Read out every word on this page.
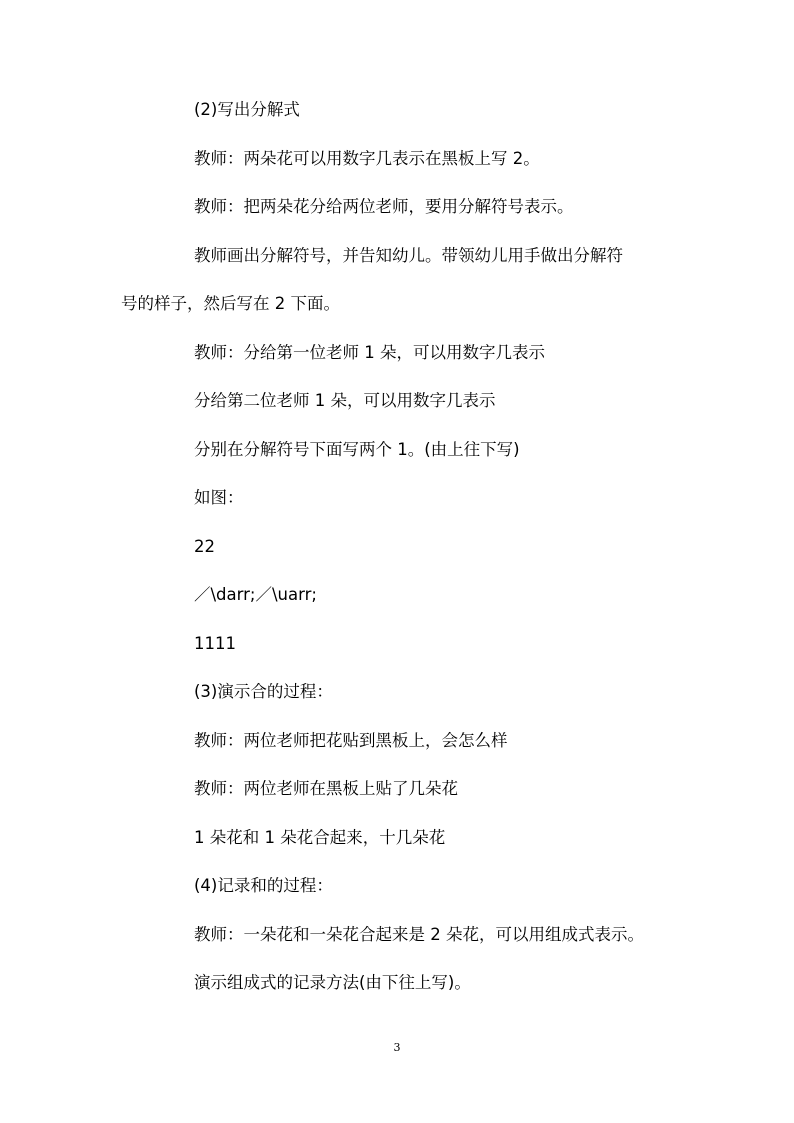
(2)写出分解式
教师：两朵花可以用数字几表示在黑板上写 2。
教师：把两朵花分给两位老师，要用分解符号表示。
教师画出分解符号，并告知幼儿。带领幼儿用手做出分解符
号的样子，然后写在 2 下面。
教师：分给第一位老师 1 朵，可以用数字几表示
分给第二位老师 1 朵，可以用数字几表示
分别在分解符号下面写两个 1。(由上往下写)
如图：
22
／\darr;／\uarr;
1111
(3)演示合的过程：
教师：两位老师把花贴到黑板上，会怎么样
教师：两位老师在黑板上贴了几朵花
1 朵花和 1 朵花合起来，十几朵花
(4)记录和的过程：
教师：一朵花和一朵花合起来是 2 朵花，可以用组成式表示。
演示组成式的记录方法(由下往上写)。
3
